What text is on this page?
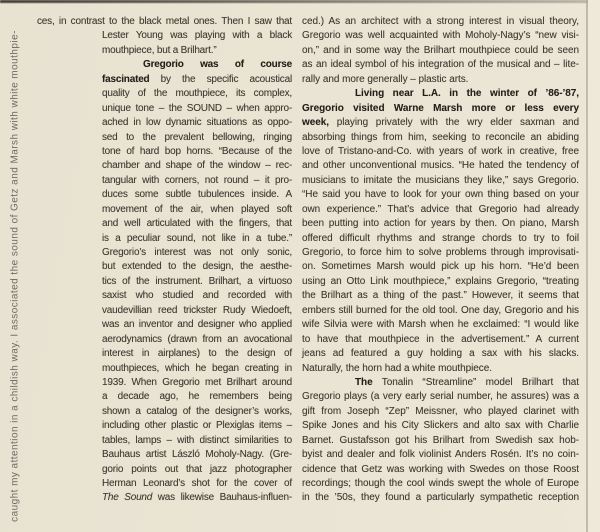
caught my attention in a childish way. I associated the sound of Getz and Marsh with white mouthpie-
ces, in contrast to the black metal ones. Then I saw that
Lester Young was playing with a black
mouthpiece, but a Brilhart.”
Gregorio was of course
fascinated by the specific acoustical
quality of the mouthpiece, its complex,
unique tone – the SOUND – when appro-
ached in low dynamic situations as oppo-
sed to the prevalent bellowing, ringing
tone of hard bop horns. “Because of the
chamber and shape of the window – rec-
tangular with corners, not round – it pro-
duces some subtle tubulences inside. A
movement of the air, when played soft
and well articulated with the fingers, that
is a peculiar sound, not like in a tube.”
Gregorio’s interest was not only sonic,
but extended to the design, the aesthe-
tics of the instrument. Brilhart, a virtuoso
saxist who studied and recorded with
vaudevillian reed trickster Rudy Wiedoeft,
was an inventor and designer who applied
aerodynamics (drawn from an avocational
interest in airplanes) to the design of
mouthpieces, which he began creating in
1939. When Gregorio met Brilhart around
a decade ago, he remembers being
shown a catalog of the designer’s works,
including other plastic or Plexiglas items –
tables, lamps – with distinct similarities to
Bauhaus artist László Moholy-Nagy. (Gre-
gorio points out that jazz photographer
Herman Leonard’s shot for the cover of
The Sound was likewise Bauhaus-influen-
ced.) As an architect with a strong interest in visual theory,
Gregorio was well acquainted with Moholy-Nagy’s “new visi-
on,” and in some way the Brilhart mouthpiece could be seen
as an ideal symbol of his integration of the musical and – lite-
rally and more generally – plastic arts.
Living near L.A. in the winter of ’86-’87,
Gregorio visited Warne Marsh more or less every
week, playing privately with the wry elder saxman and
absorbing things from him, seeking to reconcile an abiding
love of Tristano-and-Co. with years of work in creative, free
and other unconventional musics. “He hated the tendency of
musicians to imitate the musicians they like,” says Gregorio.
“He said you have to look for your own thing based on your
own experience.” That’s advice that Gregorio had already
been putting into action for years by then. On piano, Marsh
offered difficult rhythms and strange chords to try to foil
Gregorio, to force him to solve problems through improvisati-
on. Sometimes Marsh would pick up his horn. “He’d been
using an Otto Link mouthpiece,” explains Gregorio, “treating
the Brilhart as a thing of the past.” However, it seems that
embers still burned for the old tool. One day, Gregorio and his
wife Silvia were with Marsh when he exclaimed: “I would like
to have that mouthpiece in the advertisement.” A current
jeans ad featured a guy holding a sax with his slacks.
Naturally, the horn had a white mouthpiece.
The Tonalin “Streamline” model Brilhart that
Gregorio plays (a very early serial number, he assures) was a
gift from Joseph “Zep” Meissner, who played clarinet with
Spike Jones and his City Slickers and alto sax with Charlie
Barnet. Gustafsson got his Brilhart from Swedish sax hob-
byist and dealer and folk violinist Anders Rosén. It’s no coin-
cidence that Getz was working with Swedes on those Roost
recordings; though the cool winds swept the whole of Europe
in the ’50s, they found a particularly sympathetic reception
